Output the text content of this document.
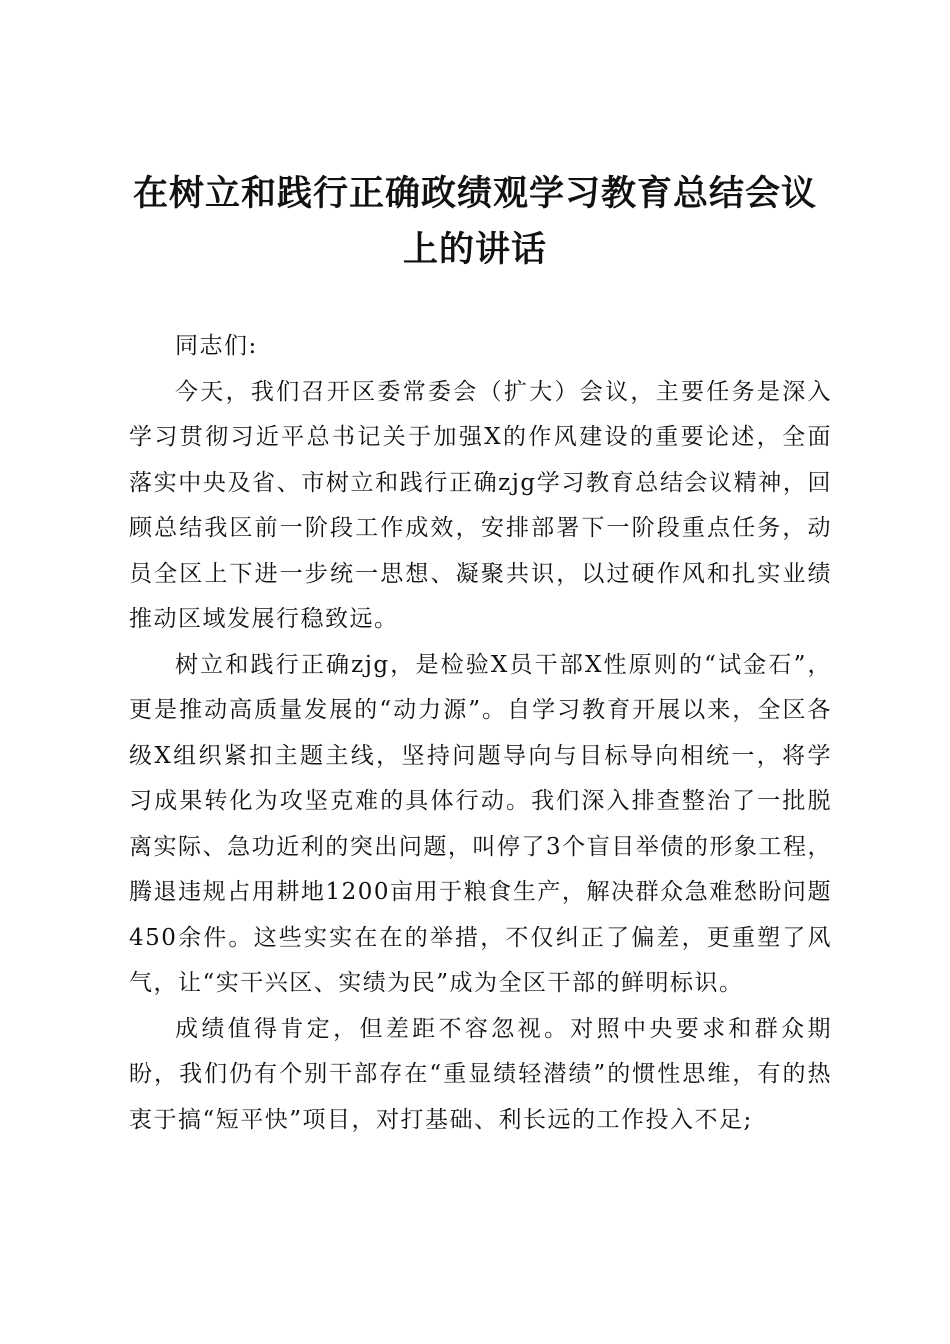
在树立和践行正确政绩观学习教育总结会议上的讲话

同志们:

今天，我们召开区委常委会（扩大）会议，主要任务是深入学习贯彻习近平总书记关于加强X的作风建设的重要论述，全面落实中央及省、市树立和践行正确zjg学习教育总结会议精神，回顾总结我区前一阶段工作成效，安排部署下一阶段重点任务，动员全区上下进一步统一思想、凝聚共识，以过硬作风和扎实业绩推动区域发展行稳致远。

树立和践行正确zjg，是检验X员干部X性原则的“试金石”，更是推动高质量发展的“动力源”。自学习教育开展以来，全区各级X组织紧扣主题主线，坚持问题导向与目标导向相统一，将学习成果转化为攻坚克难的具体行动。我们深入排查整治了一批脱离实际、急功近利的突出问题，叫停了3个盲目举债的形象工程，腾退违规占用耕地1200亩用于粮食生产，解决群众急难愁盼问题450余件。这些实实在在的举措，不仅纠正了偏差，更重塑了风气，让“实干兴区、实绩为民”成为全区干部的鲜明标识。

成绩值得肯定，但差距不容忽视。对照中央要求和群众期盼，我们仍有个别干部存在“重显绩轻潜绩”的惯性思维，有的热衷于搞“短平快”项目，对打基础、利长远的工作投入不足;
